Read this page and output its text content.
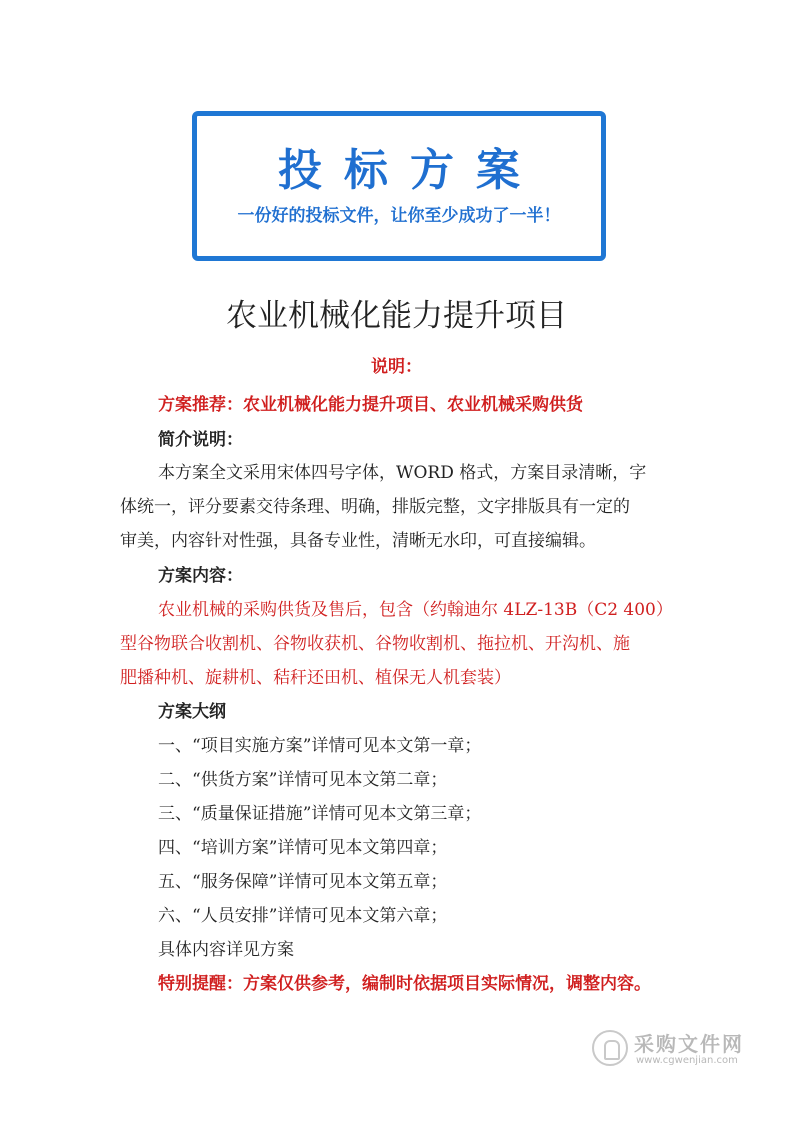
投标方案
一份好的投标文件，让你至少成功了一半！
农业机械化能力提升项目
说明：
方案推荐：农业机械化能力提升项目、农业机械采购供货
简介说明：
本方案全文采用宋体四号字体，WORD 格式，方案目录清晰，字
体统一，评分要素交待条理、明确，排版完整，文字排版具有一定的
审美，内容针对性强，具备专业性，清晰无水印，可直接编辑。
方案内容：
农业机械的采购供货及售后，包含（约翰迪尔 4LZ-13B（C2 400）
型谷物联合收割机、谷物收获机、谷物收割机、拖拉机、开沟机、施
肥播种机、旋耕机、秸秆还田机、植保无人机套装）
方案大纲
一、“项目实施方案”详情可见本文第一章；
二、“供货方案”详情可见本文第二章；
三、“质量保证措施”详情可见本文第三章；
四、“培训方案”详情可见本文第四章；
五、“服务保障”详情可见本文第五章；
六、“人员安排”详情可见本文第六章；
具体内容详见方案
特别提醒：方案仅供参考，编制时依据项目实际情况，调整内容。
采购文件网
www.cgwenjian.com
